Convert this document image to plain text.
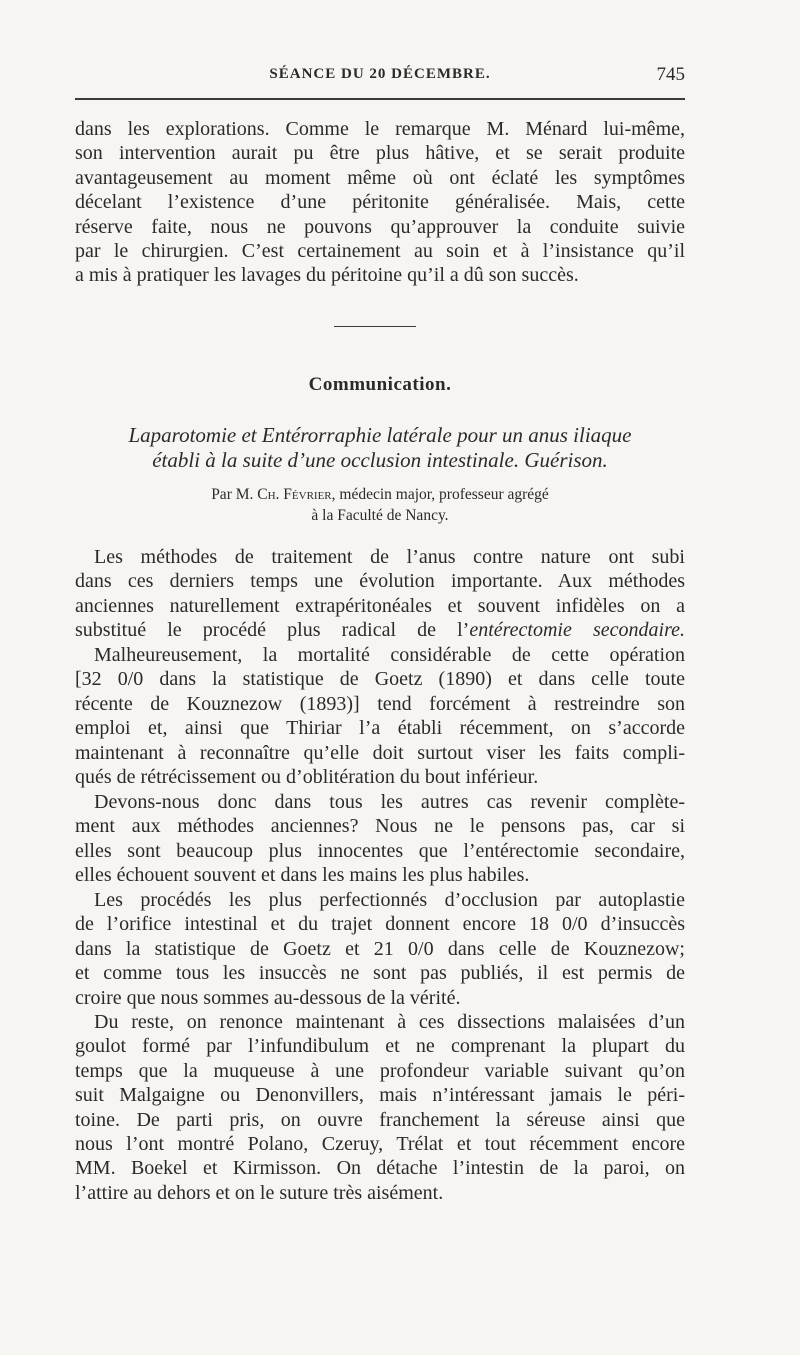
SÉANCE DU 20 DÉCEMBRE.	745
dans les explorations. Comme le remarque M. Ménard lui-même,
son intervention aurait pu être plus hâtive, et se serait produite
avantageusement au moment même où ont éclaté les symptômes
décelant l’existence d’une péritonite généralisée. Mais, cette
réserve faite, nous ne pouvons qu’approuver la conduite suivie
par le chirurgien. C’est certainement au soin et à l’insistance qu’il
a mis à pratiquer les lavages du péritoine qu’il a dû son succès.
Communication.
Laparotomie et Entérorraphie latérale pour un anus iliaque
établi à la suite d’une occlusion intestinale. Guérison.
Par M. Ch. Février, médecin major, professeur agrégé
à la Faculté de Nancy.
Les méthodes de traitement de l’anus contre nature ont subi
dans ces derniers temps une évolution importante. Aux méthodes
anciennes naturellement extrapéritonéales et souvent infidèles on a
substitué le procédé plus radical de l’entérectomie secondaire.
Malheureusement, la mortalité considérable de cette opération
[32 0/0 dans la statistique de Goetz (1890) et dans celle toute
récente de Kouznezow (1893)] tend forcément à restreindre son
emploi et, ainsi que Thiriar l’a établi récemment, on s’accorde
maintenant à reconnaître qu’elle doit surtout viser les faits compli-
qués de rétrécissement ou d’oblitération du bout inférieur.
Devons-nous donc dans tous les autres cas revenir complète-
ment aux méthodes anciennes? Nous ne le pensons pas, car si
elles sont beaucoup plus innocentes que l’entérectomie secondaire,
elles échouent souvent et dans les mains les plus habiles.
Les procédés les plus perfectionnés d’occlusion par autoplastie
de l’orifice intestinal et du trajet donnent encore 18 0/0 d’insuccès
dans la statistique de Goetz et 21 0/0 dans celle de Kouznezow;
et comme tous les insuccès ne sont pas publiés, il est permis de
croire que nous sommes au-dessous de la vérité.
Du reste, on renonce maintenant à ces dissections malaisées d’un
goulot formé par l’infundibulum et ne comprenant la plupart du
temps que la muqueuse à une profondeur variable suivant qu’on
suit Malgaigne ou Denonvillers, mais n’intéressant jamais le péri-
toine. De parti pris, on ouvre franchement la séreuse ainsi que
nous l’ont montré Polano, Czeruy, Trélat et tout récemment encore
MM. Boekel et Kirmisson. On détache l’intestin de la paroi, on
l’attire au dehors et on le suture très aisément.
